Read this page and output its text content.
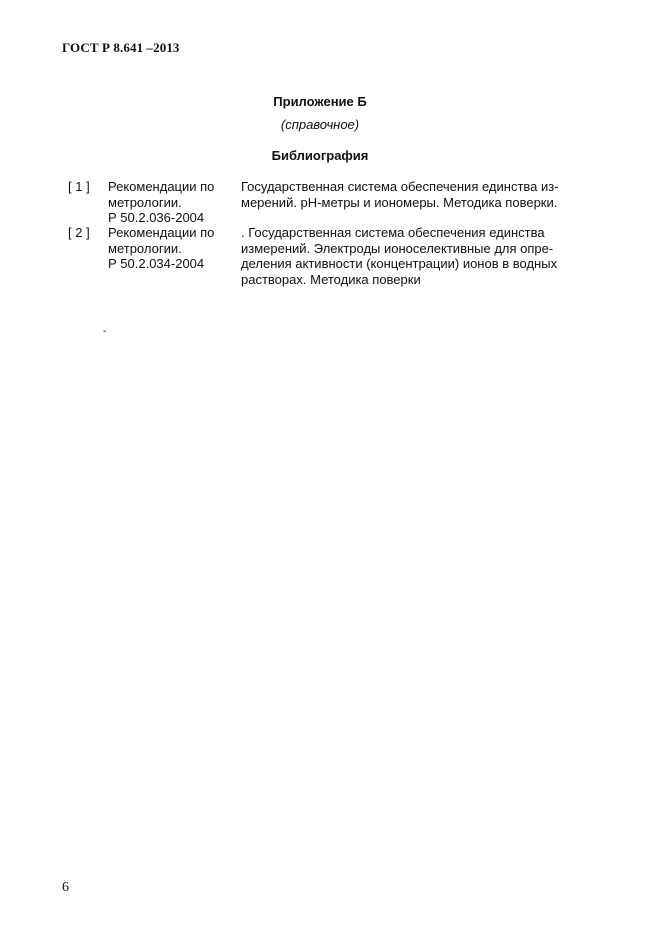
ГОСТ Р 8.641 –2013
Приложение Б
(справочное)
Библиография
[ 1 ] Рекомендации по
метрологии.
Р 50.2.036-2004
Государственная система обеспечения единства из-
мерений. pH-метры и иономеры. Методика поверки.
[ 2 ] Рекомендации по
метрологии.
Р 50.2.034-2004
. Государственная система обеспечения единства
измерений. Электроды ионоселективные для опре-
деления активности (концентрации) ионов в водных
растворах. Методика поверки
-
6
